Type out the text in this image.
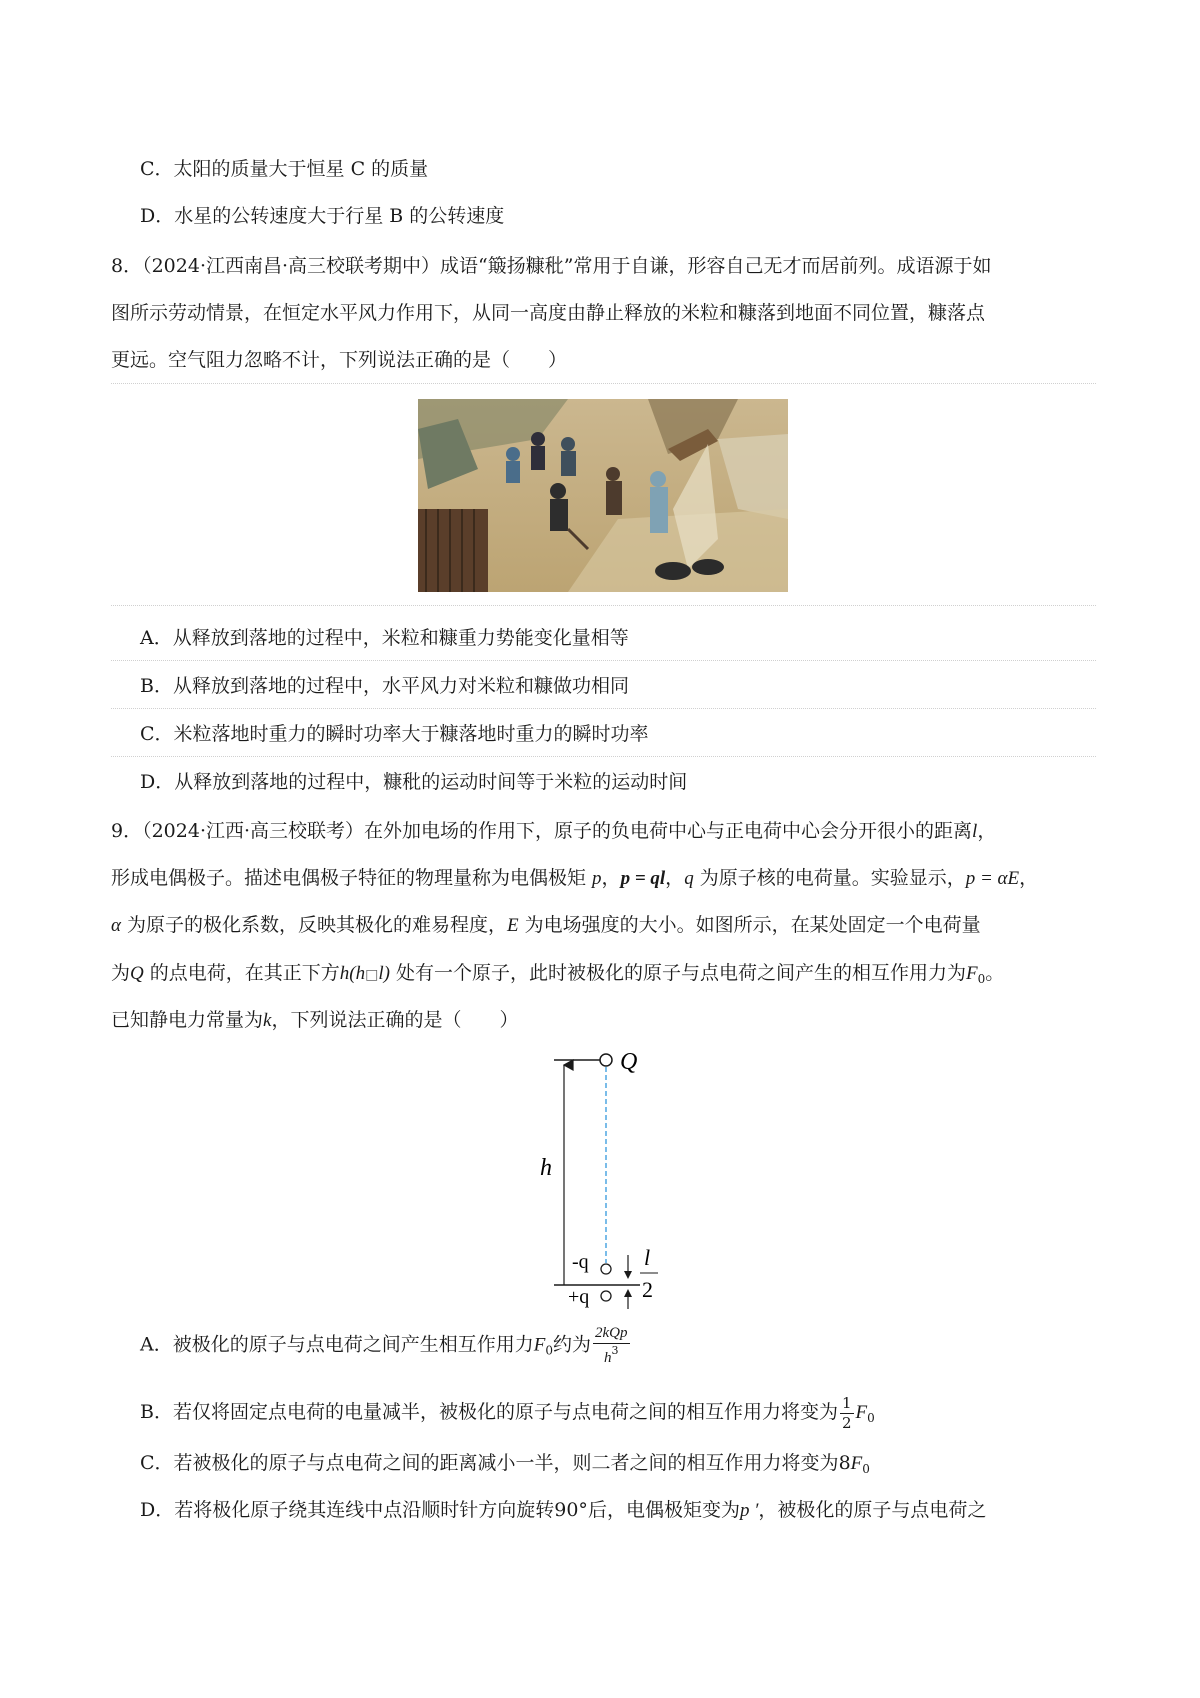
C．太阳的质量大于恒星 C 的质量
D．水星的公转速度大于行星 B 的公转速度
8．（2024·江西南昌·高三校联考期中）成语“簸扬糠秕”常用于自谦，形容自己无才而居前列。成语源于如
图所示劳动情景，在恒定水平风力作用下，从同一高度由静止释放的米粒和糠落到地面不同位置，糠落点
更远。空气阻力忽略不计，下列说法正确的是（　　）
A．从释放到落地的过程中，米粒和糠重力势能变化量相等
B．从释放到落地的过程中，水平风力对米粒和糠做功相同
C．米粒落地时重力的瞬时功率大于糠落地时重力的瞬时功率
D．从释放到落地的过程中，糠秕的运动时间等于米粒的运动时间
9．（2024·江西·高三校联考）在外加电场的作用下，原子的负电荷中心与正电荷中心会分开很小的距离l，
形成电偶极子。描述电偶极子特征的物理量称为电偶极矩 p，p = ql，q 为原子核的电荷量。实验显示，p = αE，
α 为原子的极化系数，反映其极化的难易程度，E 为电场强度的大小。如图所示，在某处固定一个电荷量
为Q 的点电荷，在其正下方h(h□l) 处有一个原子，此时被极化的原子与点电荷之间产生的相互作用力为$F_0$。
已知静电力常量为k，下列说法正确的是（　　）
Q
h
-q
+q
l
2
A．被极化的原子与点电荷之间产生相互作用力$F_0$约为 $\frac{\text{2kQp}}{h^3}$
B．若仅将固定点电荷的电量减半，被极化的原子与点电荷之间的相互作用力将变为 $\frac{1}{2} F_0$
C．若被极化的原子与点电荷之间的距离减小一半，则二者之间的相互作用力将变为$8F_0$
D．若将极化原子绕其连线中点沿顺时针方向旋转90°后，电偶极矩变为p ′，被极化的原子与点电荷之
